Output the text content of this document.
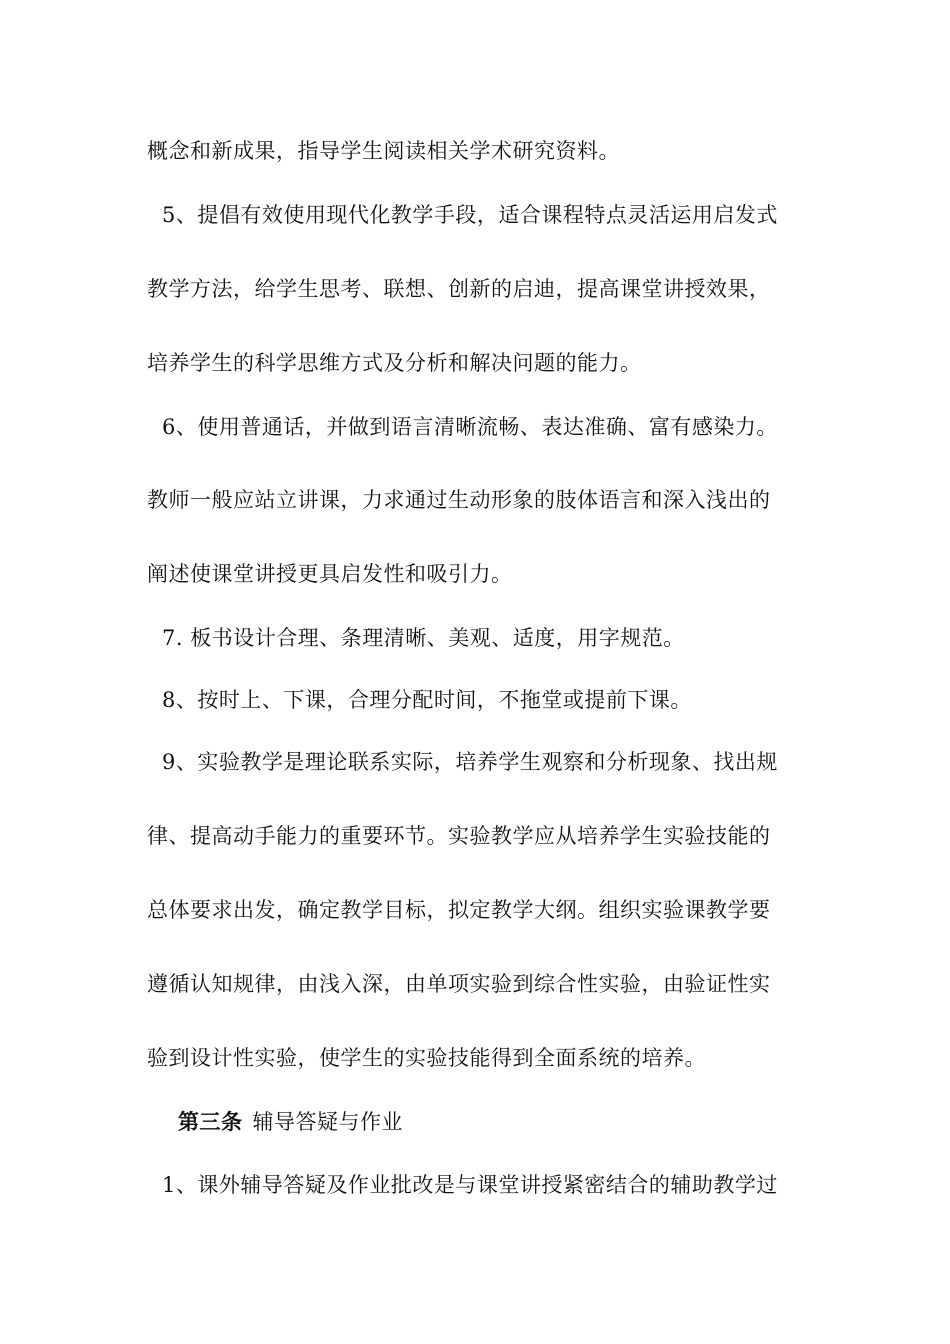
概念和新成果，指导学生阅读相关学术研究资料。
5、提倡有效使用现代化教学手段，适合课程特点灵活运用启发式
教学方法，给学生思考、联想、创新的启迪，提高课堂讲授效果，
培养学生的科学思维方式及分析和解决问题的能力。
6、使用普通话，并做到语言清晰流畅、表达准确、富有感染力。
教师一般应站立讲课，力求通过生动形象的肢体语言和深入浅出的
阐述使课堂讲授更具启发性和吸引力。
7. 板书设计合理、条理清晰、美观、适度，用字规范。
8、按时上、下课，合理分配时间，不拖堂或提前下课。
9、实验教学是理论联系实际，培养学生观察和分析现象、找出规
律、提高动手能力的重要环节。实验教学应从培养学生实验技能的
总体要求出发，确定教学目标，拟定教学大纲。组织实验课教学要
遵循认知规律，由浅入深，由单项实验到综合性实验，由验证性实
验到设计性实验，使学生的实验技能得到全面系统的培养。
第三条 辅导答疑与作业
1、课外辅导答疑及作业批改是与课堂讲授紧密结合的辅助教学过
